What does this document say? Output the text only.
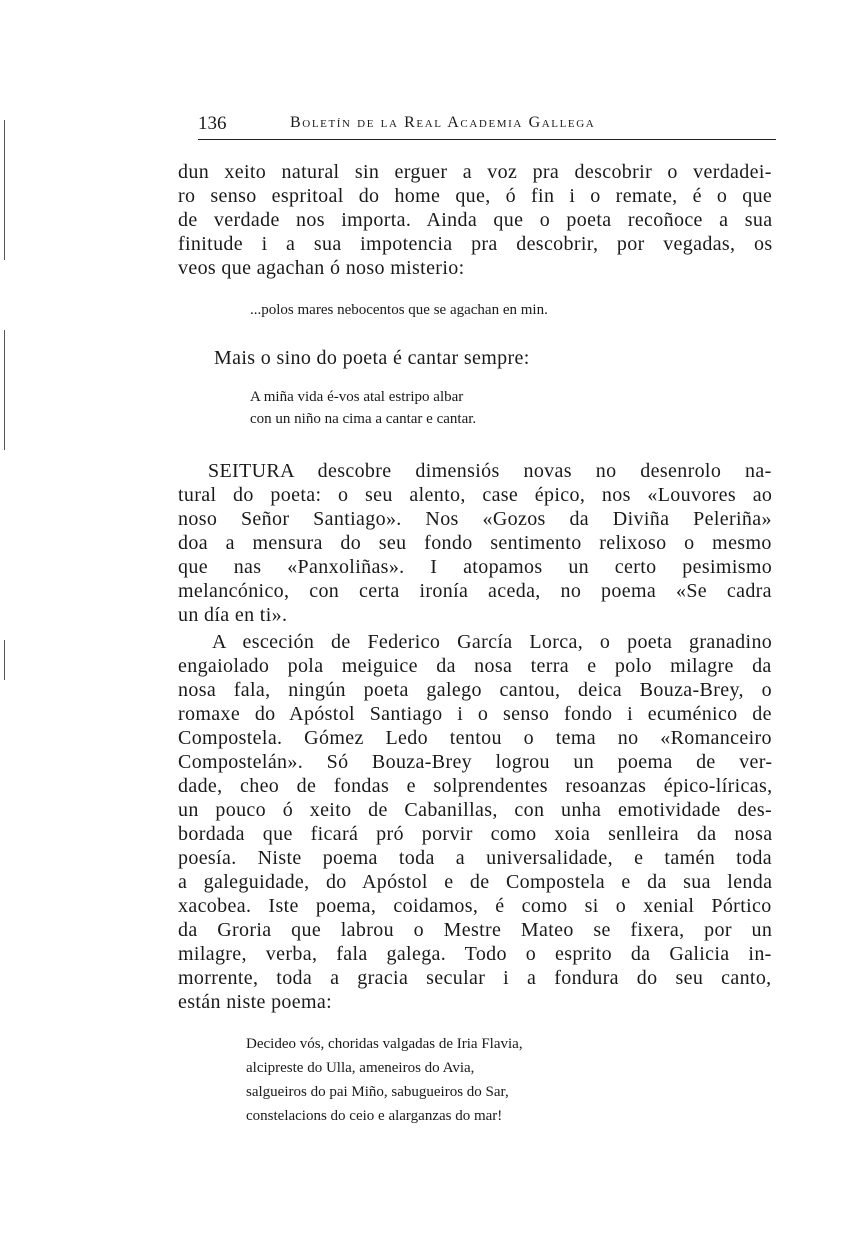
136	Boletín de la Real Academia Gallega
dun xeito natural sin erguer a voz pra descobrir o verdadei-
ro senso espritoal do home que, ó fin i o remate, é o que
de verdade nos importa. Ainda que o poeta recoñoce a sua
finitude i a sua impotencia pra descobrir, por vegadas, os
veos que agachan ó noso misterio:
...polos mares nebocentos que se agachan en min.
Mais o sino do poeta é cantar sempre:
A miña vida é-vos atal estripo albar
con un niño na cima a cantar e cantar.
SEITURA descobre dimensiós novas no desenrolo na-
tural do poeta: o seu alento, case épico, nos «Louvores ao
noso Señor Santiago». Nos «Gozos da Diviña Peleriña»
doa a mensura do seu fondo sentimento relixoso o mesmo
que nas «Panxoliñas». I atopamos un certo pesimismo
melancónico, con certa ironía aceda, no poema «Se cadra
un día en ti».
A esceción de Federico García Lorca, o poeta granadino
engaiolado pola meiguice da nosa terra e polo milagre da
nosa fala, ningún poeta galego cantou, deica Bouza-Brey, o
romaxe do Apóstol Santiago i o senso fondo i ecuménico de
Compostela. Gómez Ledo tentou o tema no «Romanceiro
Compostelán». Só Bouza-Brey logrou un poema de ver-
dade, cheo de fondas e solprendentes resoanzas épico-líricas,
un pouco ó xeito de Cabanillas, con unha emotividade des-
bordada que ficará pró porvir como xoia senlleira da nosa
poesía. Niste poema toda a universalidade, e tamén toda
a galeguidade, do Apóstol e de Compostela e da sua lenda
xacobea. Iste poema, coidamos, é como si o xenial Pórtico
da Groria que labrou o Mestre Mateo se fixera, por un
milagre, verba, fala galega. Todo o esprito da Galicia in-
morrente, toda a gracia secular i a fondura do seu canto,
están niste poema:
Decideo vós, choridas valgadas de Iria Flavia,
alcipreste do Ulla, ameneiros do Avia,
salgueiros do pai Miño, sabugueiros do Sar,
constelacions do ceio e alarganzas do mar!
